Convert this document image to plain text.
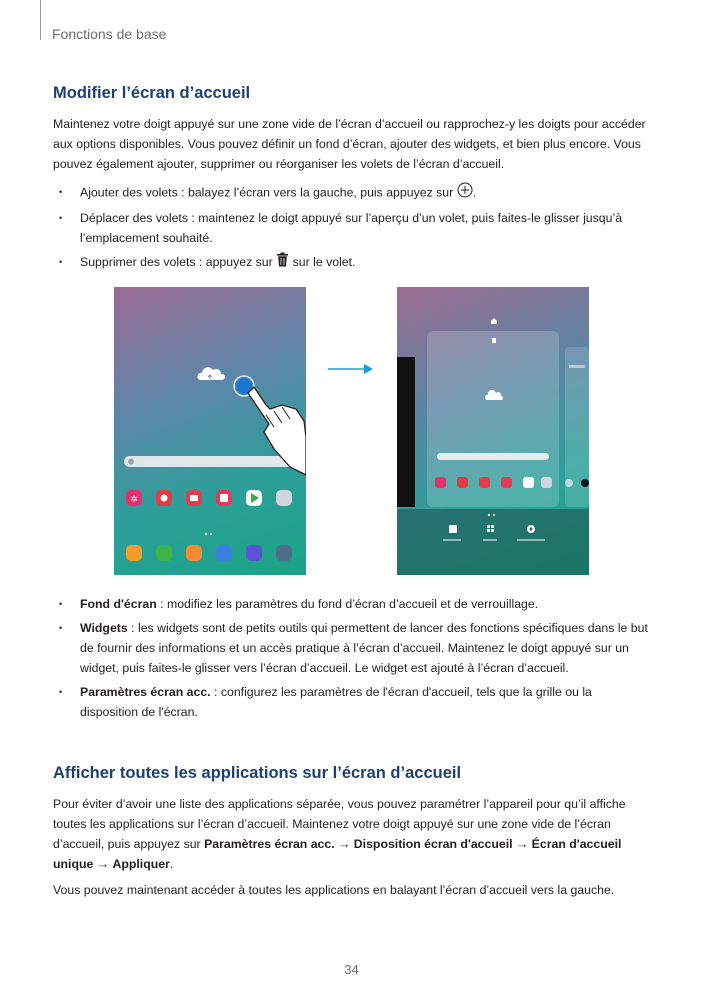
Fonctions de base
Modifier l’écran d’accueil

Maintenez votre doigt appuyé sur une zone vide de l’écran d’accueil ou rapprochez-y les doigts pour accéder aux options disponibles. Vous pouvez définir un fond d’écran, ajouter des widgets, et bien plus encore. Vous pouvez également ajouter, supprimer ou réorganiser les volets de l’écran d’accueil.

• Ajouter des volets : balayez l’écran vers la gauche, puis appuyez sur .
• Déplacer des volets : maintenez le doigt appuyé sur l’aperçu d’un volet, puis faites-le glisser jusqu’à l’emplacement souhaité.
• Supprimer des volets : appuyez sur sur le volet.
✲
• Fond d'écran : modifiez les paramètres du fond d’écran d’accueil et de verrouillage.
• Widgets : les widgets sont de petits outils qui permettent de lancer des fonctions spécifiques dans le but de fournir des informations et un accès pratique à l’écran d’accueil. Maintenez le doigt appuyé sur un widget, puis faites-le glisser vers l’écran d’accueil. Le widget est ajouté à l’écran d’accueil.
• Paramètres écran acc. : configurez les paramètres de l'écran d'accueil, tels que la grille ou la disposition de l'écran.
Afficher toutes les applications sur l’écran d’accueil

Pour éviter d’avoir une liste des applications séparée, vous pouvez paramétrer l’appareil pour qu’il affiche toutes les applications sur l’écran d’accueil. Maintenez votre doigt appuyé sur une zone vide de l’écran d’accueil, puis appuyez sur Paramètres écran acc. → Disposition écran d'accueil → Écran d'accueil unique → Appliquer.

Vous pouvez maintenant accéder à toutes les applications en balayant l’écran d’accueil vers la gauche.

34
